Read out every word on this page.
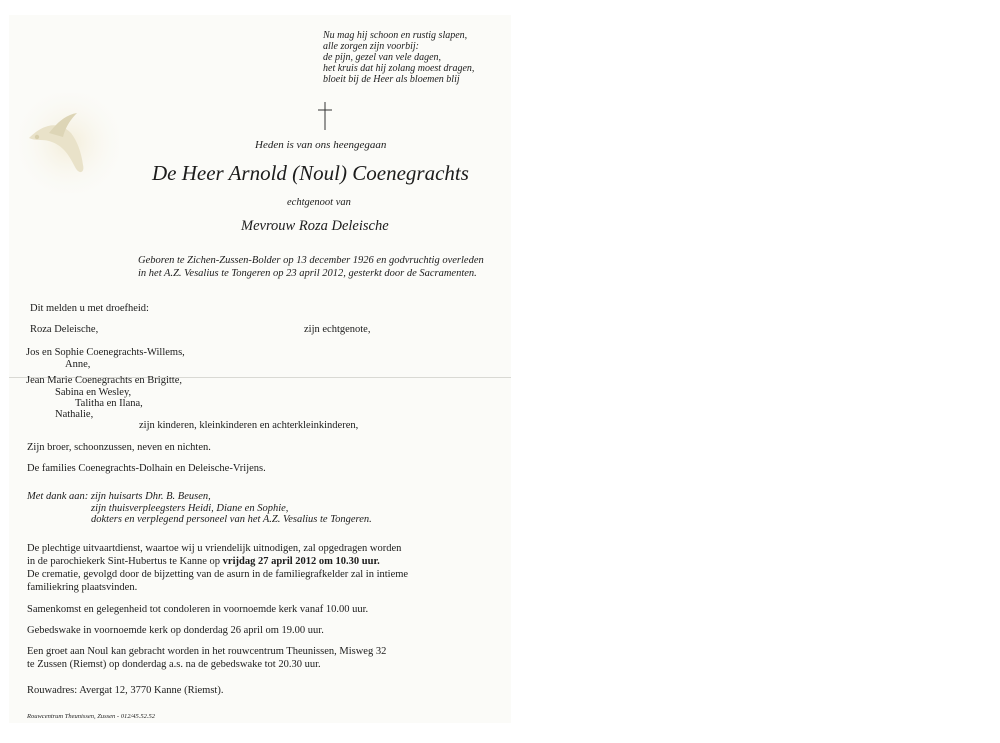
Nu mag hij schoon en rustig slapen,

alle zorgen zijn voorbij:

de pijn, gezel van vele dagen,

het kruis dat hij zolang moest dragen,

bloeit bij de Heer als bloemen blij

Heden is van ons heengegaan

De Heer Arnold (Noul) Coenegrachts

echtgenoot van

Mevrouw Roza Deleische

Geboren te Zichen-Zussen-Bolder op 13 december 1926 en godvruchtig overleden

in het A.Z. Vesalius te Tongeren op 23 april 2012, gesterkt door de Sacramenten.

Dit melden u met droefheid:

Roza Deleische,	zijn echtgenote,

Jos en Sophie Coenegrachts-Willems,

Anne,

Jean Marie Coenegrachts en Brigitte,

Sabina en Wesley,

Talitha en Ilana,

Nathalie,

zijn kinderen, kleinkinderen en achterkleinkinderen,

Zijn broer, schoonzussen, neven en nichten.

De families Coenegrachts-Dolhain en Deleische-Vrijens.

Met dank aan: zijn huisarts Dhr. B. Beusen,

zijn thuisverpleegsters Heidi, Diane en Sophie,

dokters en verplegend personeel van het A.Z. Vesalius te Tongeren.

De plechtige uitvaartdienst, waartoe wij u vriendelijk uitnodigen, zal opgedragen worden

in de parochiekerk Sint-Hubertus te Kanne op vrijdag 27 april 2012 om 10.30 uur.

De crematie, gevolgd door de bijzetting van de asurn in de familiegrafkelder zal in intieme

familiekring plaatsvinden.

Samenkomst en gelegenheid tot condoleren in voornoemde kerk vanaf 10.00 uur.

Gebedswake in voornoemde kerk op donderdag 26 april om 19.00 uur.

Een groet aan Noul kan gebracht worden in het rouwcentrum Theunissen, Misweg 32

te Zussen (Riemst) op donderdag a.s. na de gebedswake tot 20.30 uur.

Rouwadres: Avergat 12, 3770 Kanne (Riemst).

Rouwcentrum Theunissen, Zussen - 012/45.52.52
